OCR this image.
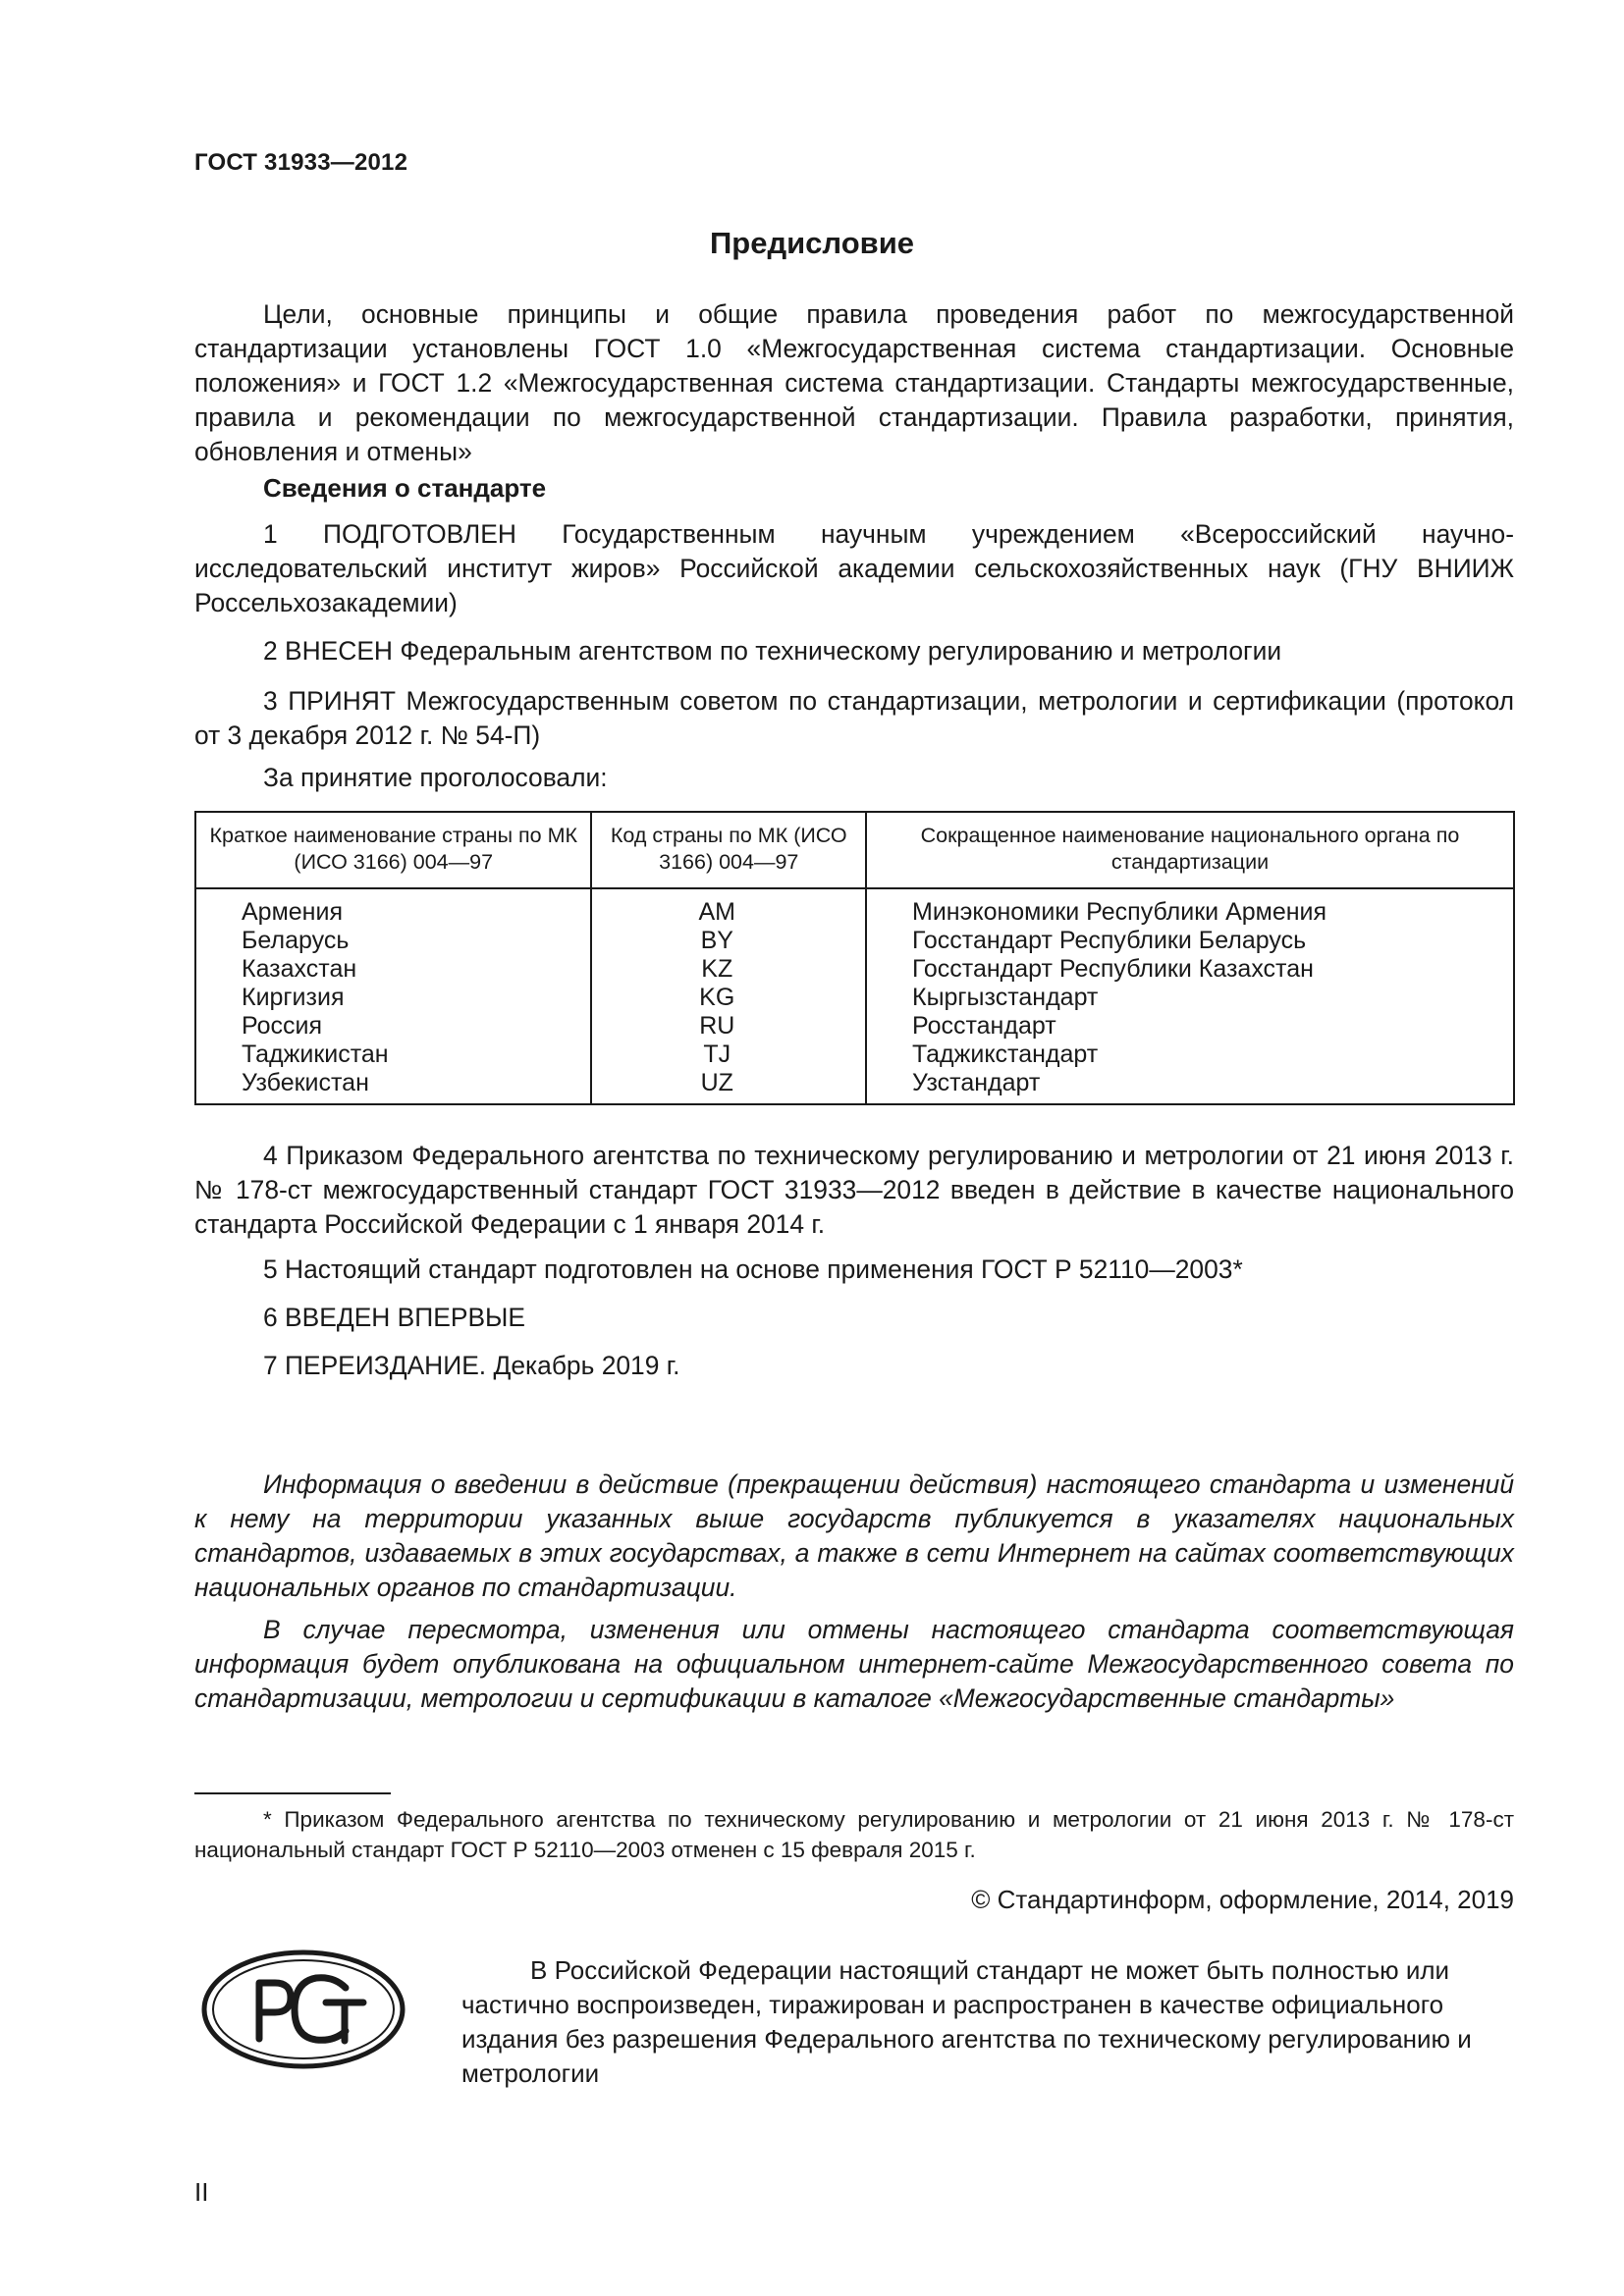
ГОСТ 31933—2012
Предисловие

Цели, основные принципы и общие правила проведения работ по межгосударственной стандартизации установлены ГОСТ 1.0 «Межгосударственная система стандартизации. Основные положения» и ГОСТ 1.2 «Межгосударственная система стандартизации. Стандарты межгосударственные, правила и рекомендации по межгосударственной стандартизации. Правила разработки, принятия, обновления и отмены»

Сведения о стандарте

1 ПОДГОТОВЛЕН Государственным научным учреждением «Всероссийский научно-исследовательский институт жиров» Российской академии сельскохозяйственных наук (ГНУ ВНИИЖ Россельхозакадемии)

2 ВНЕСЕН Федеральным агентством по техническому регулированию и метрологии

3 ПРИНЯТ Межгосударственным советом по стандартизации, метрологии и сертификации (протокол от 3 декабря 2012 г. № 54-П)

За принятие проголосовали:

Краткое наименование страны по МК (ИСО 3166) 004—97	Код страны по МК (ИСО 3166) 004—97	Сокращенное наименование национального органа по стандартизации
Армения	AM	Минэкономики Республики Армения
Беларусь	BY	Госстандарт Республики Беларусь
Казахстан	KZ	Госстандарт Республики Казахстан
Киргизия	KG	Кыргызстандарт
Россия	RU	Росстандарт
Таджикистан	TJ	Таджикстандарт
Узбекистан	UZ	Узстандарт

4 Приказом Федерального агентства по техническому регулированию и метрологии от 21 июня 2013 г. № 178-ст межгосударственный стандарт ГОСТ 31933—2012 введен в действие в качестве национального стандарта Российской Федерации с 1 января 2014 г.

5 Настоящий стандарт подготовлен на основе применения ГОСТ Р 52110—2003*

6 ВВЕДЕН ВПЕРВЫЕ

7 ПЕРЕИЗДАНИЕ. Декабрь 2019 г.

Информация о введении в действие (прекращении действия) настоящего стандарта и изменений к нему на территории указанных выше государств публикуется в указателях национальных стандартов, издаваемых в этих государствах, а также в сети Интернет на сайтах соответствующих национальных органов по стандартизации.

В случае пересмотра, изменения или отмены настоящего стандарта соответствующая информация будет опубликована на официальном интернет-сайте Межгосударственного совета по стандартизации, метрологии и сертификации в каталоге «Межгосударственные стандарты»

* Приказом Федерального агентства по техническому регулированию и метрологии от 21 июня 2013 г. № 178-ст национальный стандарт ГОСТ Р 52110—2003 отменен с 15 февраля 2015 г.

© Стандартинформ, оформление, 2014, 2019

В Российской Федерации настоящий стандарт не может быть полностью или частично воспроизведен, тиражирован и распространен в качестве официального издания без разрешения Федерального агентства по техническому регулированию и метрологии

II
